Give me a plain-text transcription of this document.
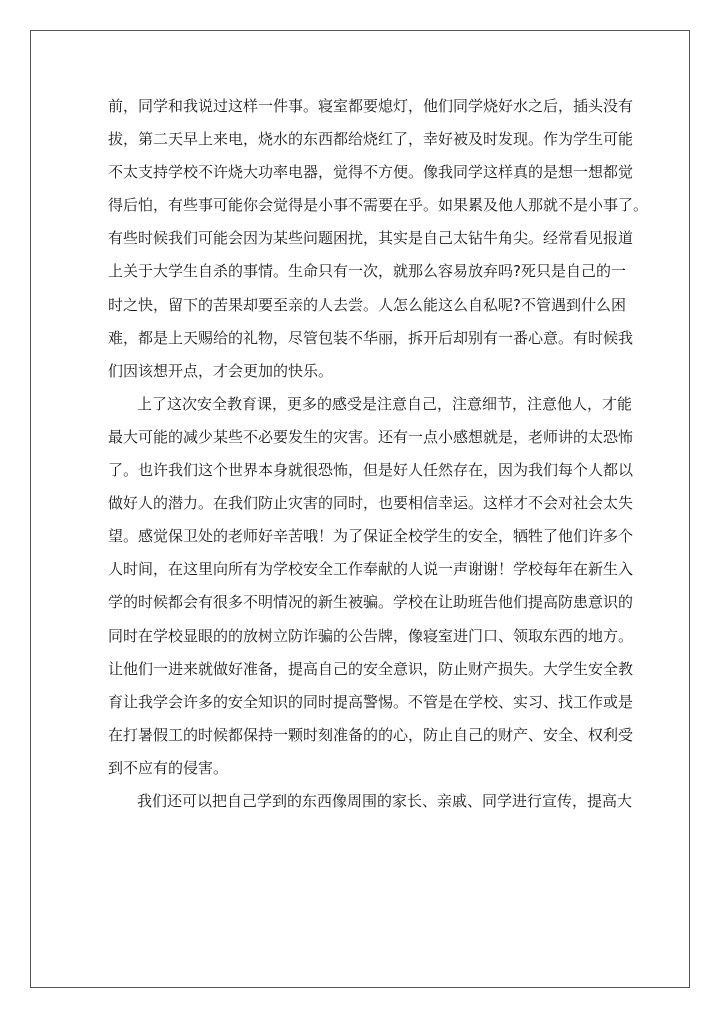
前，同学和我说过这样一件事。寝室都要熄灯，他们同学烧好水之后，插头没有
拔，第二天早上来电，烧水的东西都给烧红了，幸好被及时发现。作为学生可能
不太支持学校不许烧大功率电器，觉得不方便。像我同学这样真的是想一想都觉
得后怕，有些事可能你会觉得是小事不需要在乎。如果累及他人那就不是小事了。
有些时候我们可能会因为某些问题困扰，其实是自己太钻牛角尖。经常看见报道
上关于大学生自杀的事情。生命只有一次，就那么容易放弃吗?死只是自己的一
时之快，留下的苦果却要至亲的人去尝。人怎么能这么自私呢?不管遇到什么困
难，都是上天赐给的礼物，尽管包装不华丽，拆开后却别有一番心意。有时候我
们因该想开点，才会更加的快乐。
上了这次安全教育课，更多的感受是注意自己，注意细节，注意他人，才能
最大可能的减少某些不必要发生的灾害。还有一点小感想就是，老师讲的太恐怖
了。也许我们这个世界本身就很恐怖，但是好人任然存在，因为我们每个人都以
做好人的潜力。在我们防止灾害的同时，也要相信幸运。这样才不会对社会太失
望。感觉保卫处的老师好辛苦哦！为了保证全校学生的安全，牺牲了他们许多个
人时间，在这里向所有为学校安全工作奉献的人说一声谢谢！学校每年在新生入
学的时候都会有很多不明情况的新生被骗。学校在让助班告他们提高防患意识的
同时在学校显眼的的放树立防诈骗的公告牌，像寝室进门口、领取东西的地方。
让他们一进来就做好准备，提高自己的安全意识，防止财产损失。大学生安全教
育让我学会许多的安全知识的同时提高警惕。不管是在学校、实习、找工作或是
在打暑假工的时候都保持一颗时刻准备的的心，防止自己的财产、安全、权利受
到不应有的侵害。
我们还可以把自己学到的东西像周围的家长、亲戚、同学进行宣传，提高大
